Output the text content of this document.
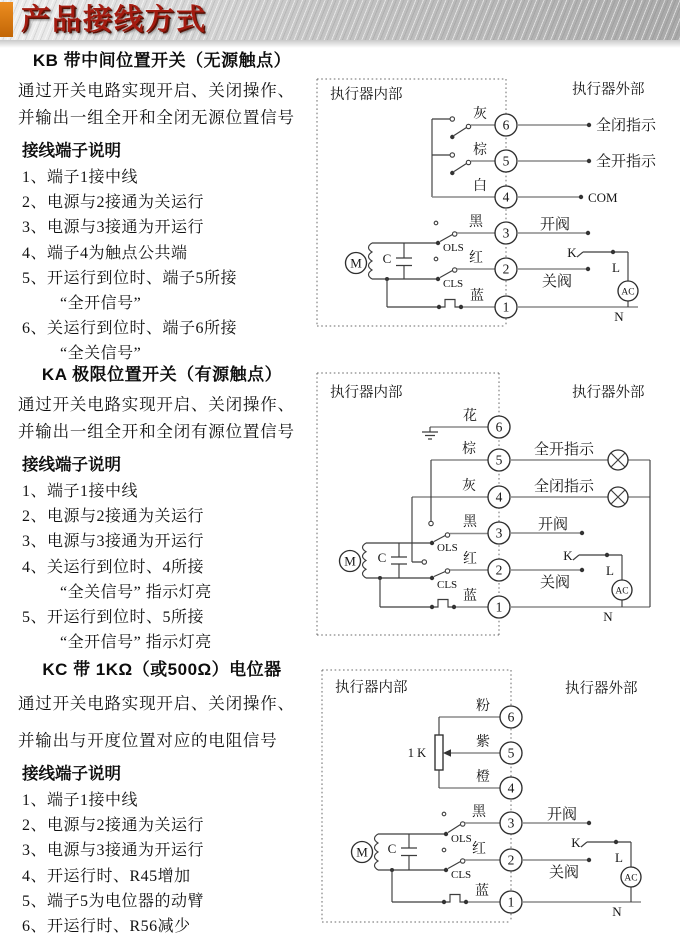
产品接线方式
KB 带中间位置开关（无源触点）

通过开关电路实现开启、关闭操作、

并输出一组全开和全闭无源位置信号

接线端子说明
1、端子1接中线
2、电源与2接通为关运行
3、电源与3接通为开运行
4、端子4为触点公共端
5、开运行到位时、端子5所接
“全开信号”
6、关运行到位时、端子6所接
“全关信号”
KA 极限位置开关（有源触点）

通过开关电路实现开启、关闭操作、

并输出一组全开和全闭有源位置信号

接线端子说明
1、端子1接中线
2、电源与2接通为关运行
3、电源与3接通为开运行
4、关运行到位时、4所接
“全关信号” 指示灯亮
5、开运行到位时、5所接
“全开信号” 指示灯亮
KC 带 1KΩ（或500Ω）电位器

通过开关电路实现开启、关闭操作、

并输出与开度位置对应的电阻信号

接线端子说明
1、端子1接中线
2、电源与2接通为关运行
3、电源与3接通为开运行
4、开运行时、R45增加
5、端子5为电位器的动臂
6、开运行时、R56减少
执行器内部	执行器外部
灰
棕
白
M C
OLS
CLS
黑
红
蓝
6
5
4
3
2
1
全闭指示
全开指示
COM
开阀
关阀
K
L
AC
N
执行器内部	执行器外部
花
棕
灰
M C
OLS
CLS
黑
红
蓝
6
5
4
3
2
1
全开指示
全闭指示
开阀
关阀
K
L
AC
N
执行器内部	执行器外部
1 K
粉
紫
橙
M C
OLS
CLS
黑
红
蓝
6
5
4
3
2
1
开阀
关阀
K
L
AC
N
